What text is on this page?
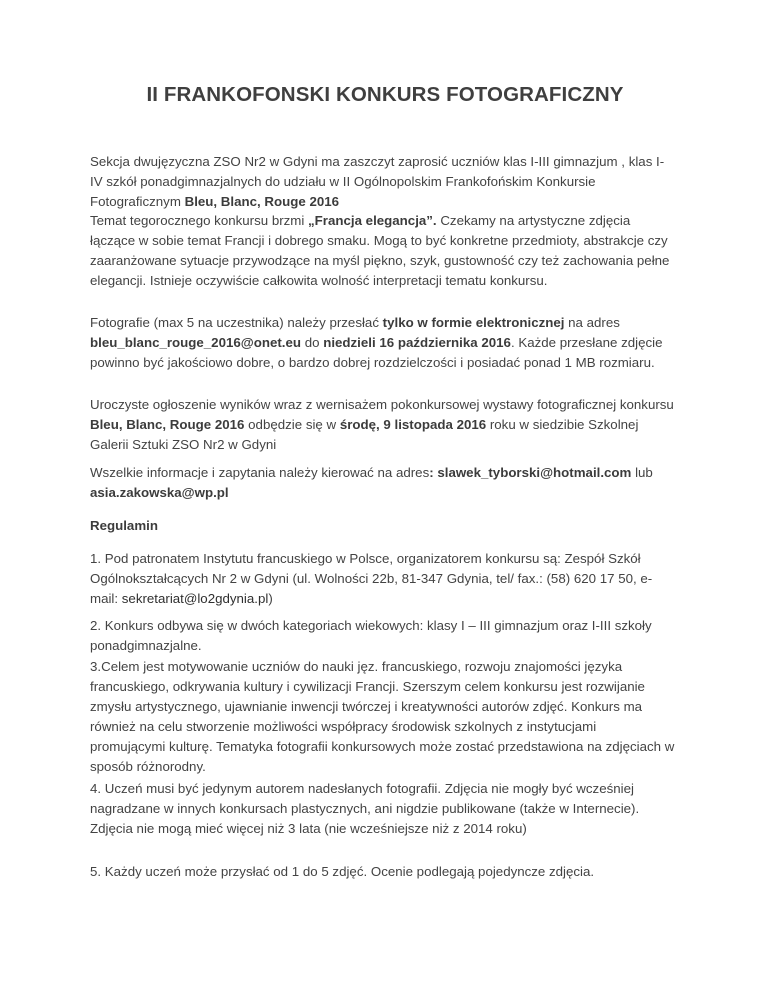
II FRANKOFONSKI KONKURS FOTOGRAFICZNY

Sekcja dwujęzyczna ZSO Nr2 w Gdyni ma zaszczyt zaprosić uczniów klas I-III gimnazjum , klas I-IV szkół ponadgimnazjalnych do udziału w II Ogólnopolskim Frankofońskim Konkursie Fotograficznym Bleu, Blanc, Rouge 2016

Temat tegorocznego konkursu brzmi „Francja elegancja”. Czekamy na artystyczne zdjęcia łączące w sobie temat Francji i dobrego smaku. Mogą to być konkretne przedmioty, abstrakcje czy zaaranżowane sytuacje przywodzące na myśl piękno, szyk, gustowność czy też zachowania pełne elegancji. Istnieje oczywiście całkowita wolność interpretacji tematu konkursu.

Fotografie (max 5 na uczestnika) należy przesłać tylko w formie elektronicznej na adres bleu_blanc_rouge_2016@onet.eu do niedzieli 16 października 2016. Każde przesłane zdjęcie powinno być jakościowo dobre, o bardzo dobrej rozdzielczości i posiadać ponad 1 MB rozmiaru.

Uroczyste ogłoszenie wyników wraz z wernisażem pokonkursowej wystawy fotograficznej konkursu Bleu, Blanc, Rouge 2016 odbędzie się w środę, 9 listopada 2016 roku w siedzibie Szkolnej Galerii Sztuki ZSO Nr2 w Gdyni

Wszelkie informacje i zapytania należy kierować na adres: slawek_tyborski@hotmail.com lub asia.zakowska@wp.pl

Regulamin

1. Pod patronatem Instytutu francuskiego w Polsce, organizatorem konkursu są: Zespół Szkół Ogólnokształcących Nr 2 w Gdyni (ul. Wolności 22b, 81-347 Gdynia, tel/ fax.: (58) 620 17 50, e-mail: sekretariat@lo2gdynia.pl)

2. Konkurs odbywa się w dwóch kategoriach wiekowych: klasy I – III gimnazjum oraz I-III szkoły ponadgimnazjalne.

3.Celem jest motywowanie uczniów do nauki jęz. francuskiego, rozwoju znajomości języka francuskiego, odkrywania kultury i cywilizacji Francji. Szerszym celem konkursu jest rozwijanie zmysłu artystycznego, ujawnianie inwencji twórczej i kreatywności autorów zdjęć. Konkurs ma również na celu stworzenie możliwości współpracy środowisk szkolnych z instytucjami promującymi kulturę. Tematyka fotografii konkursowych może zostać przedstawiona na zdjęciach w sposób różnorodny.

4. Uczeń musi być jedynym autorem nadesłanych fotografii. Zdjęcia nie mogły być wcześniej nagradzane w innych konkursach plastycznych, ani nigdzie publikowane (także w Internecie). Zdjęcia nie mogą mieć więcej niż 3 lata (nie wcześniejsze niż z 2014 roku)

5. Każdy uczeń może przysłać od 1 do 5 zdjęć. Ocenie podlegają pojedyncze zdjęcia.
